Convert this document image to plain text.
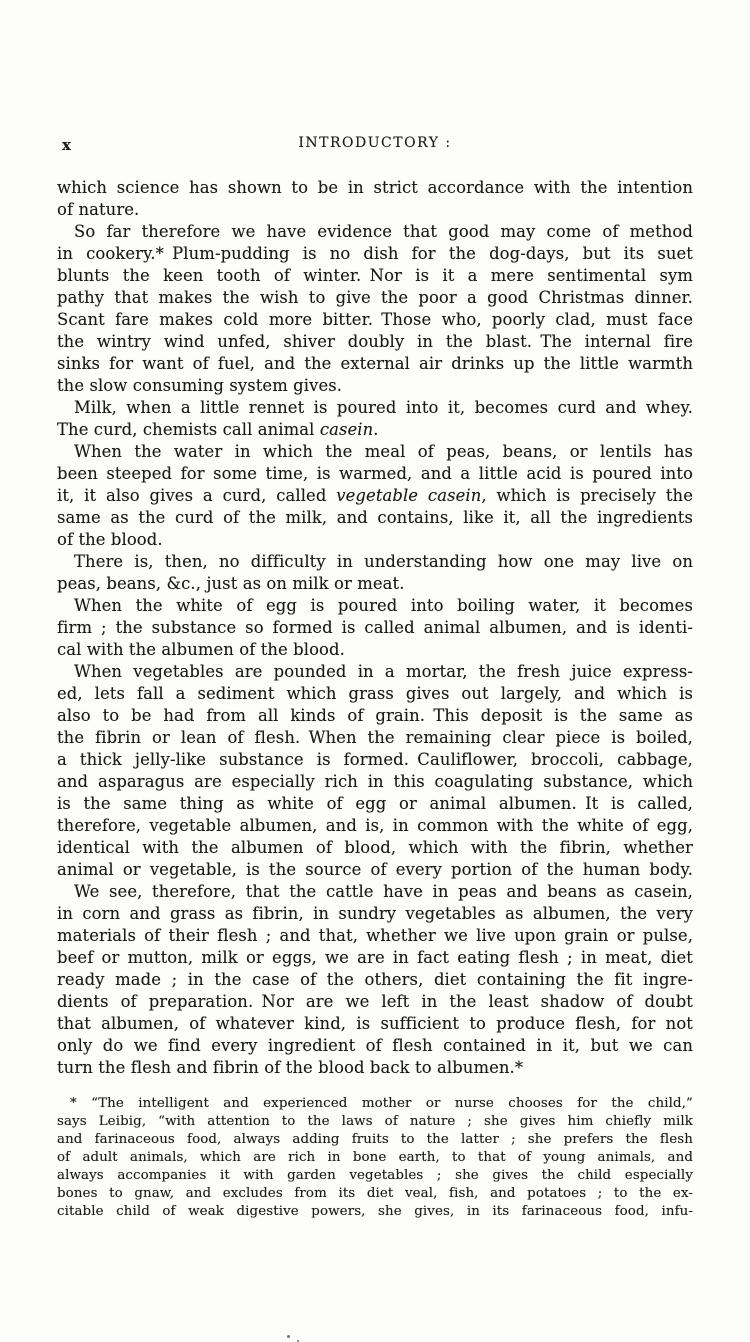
x	INTRODUCTORY :
which science has shown to be in strict accordance with the intention
of nature.
So far therefore we have evidence that good may come of method
in cookery.* Plum-pudding is no dish for the dog-days, but its suet
blunts the keen tooth of winter. Nor is it a mere sentimental sym
pathy that makes the wish to give the poor a good Christmas dinner.
Scant fare makes cold more bitter. Those who, poorly clad, must face
the wintry wind unfed, shiver doubly in the blast. The internal fire
sinks for want of fuel, and the external air drinks up the little warmth
the slow consuming system gives.
Milk, when a little rennet is poured into it, becomes curd and whey.
The curd, chemists call animal casein.
When the water in which the meal of peas, beans, or lentils has
been steeped for some time, is warmed, and a little acid is poured into
it, it also gives a curd, called vegetable casein, which is precisely the
same as the curd of the milk, and contains, like it, all the ingredients
of the blood.
There is, then, no difficulty in understanding how one may live on
peas, beans, &c., just as on milk or meat.
When the white of egg is poured into boiling water, it becomes
firm ; the substance so formed is called animal albumen, and is identi-
cal with the albumen of the blood.
When vegetables are pounded in a mortar, the fresh juice express-
ed, lets fall a sediment which grass gives out largely, and which is
also to be had from all kinds of grain. This deposit is the same as
the fibrin or lean of flesh. When the remaining clear piece is boiled,
a thick jelly-like substance is formed. Cauliflower, broccoli, cabbage,
and asparagus are especially rich in this coagulating substance, which
is the same thing as white of egg or animal albumen. It is called,
therefore, vegetable albumen, and is, in common with the white of egg,
identical with the albumen of blood, which with the fibrin, whether
animal or vegetable, is the source of every portion of the human body.
We see, therefore, that the cattle have in peas and beans as casein,
in corn and grass as fibrin, in sundry vegetables as albumen, the very
materials of their flesh ; and that, whether we live upon grain or pulse,
beef or mutton, milk or eggs, we are in fact eating flesh ; in meat, diet
ready made ; in the case of the others, diet containing the fit ingre-
dients of preparation. Nor are we left in the least shadow of doubt
that albumen, of whatever kind, is sufficient to produce flesh, for not
only do we find every ingredient of flesh contained in it, but we can
turn the flesh and fibrin of the blood back to albumen.*
* “The intelligent and experienced mother or nurse chooses for the child,”
says Leibig, “with attention to the laws of nature ; she gives him chiefly milk
and farinaceous food, always adding fruits to the latter ; she prefers the flesh
of adult animals, which are rich in bone earth, to that of young animals, and
always accompanies it with garden vegetables ; she gives the child especially
bones to gnaw, and excludes from its diet veal, fish, and potatoes ; to the ex-
citable child of weak digestive powers, she gives, in its farinaceous food, infu-
